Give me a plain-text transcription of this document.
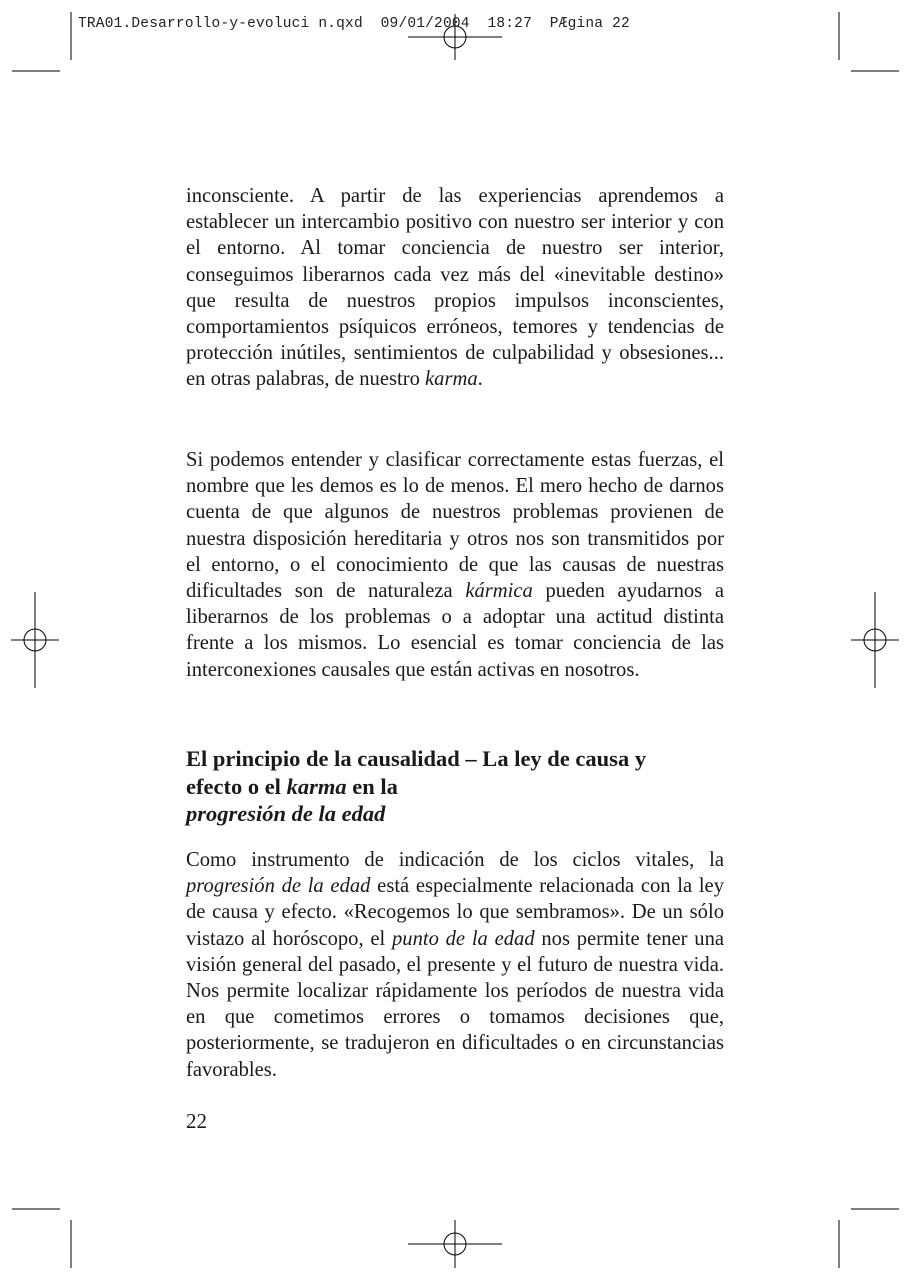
TRA01.Desarrollo-y-evoluci n.qxd  09/01/2004  18:27  PÆgina 22

inconsciente. A partir de las experiencias aprendemos a establecer un intercambio positivo con nuestro ser interior y con el entorno. Al tomar conciencia de nuestro ser interior, conseguimos liberarnos cada vez más del «inevitable destino» que resulta de nuestros propios impulsos inconscientes, comportamientos psíquicos erróneos, temores y tendencias de protección inútiles, sentimientos de culpabilidad y obsesiones... en otras palabras, de nuestro karma.

Si podemos entender y clasificar correctamente estas fuerzas, el nombre que les demos es lo de menos. El mero hecho de darnos cuenta de que algunos de nuestros problemas provienen de nuestra disposición hereditaria y otros nos son transmitidos por el entorno, o el conocimiento de que las causas de nuestras dificultades son de naturaleza kármica pueden ayudarnos a liberarnos de los problemas o a adoptar una actitud distinta frente a los mismos. Lo esencial es tomar conciencia de las interconexiones causales que están activas en nosotros.

El principio de la causalidad – La ley de causa y efecto o el karma en la
progresión de la edad

Como instrumento de indicación de los ciclos vitales, la progresión de la edad está especialmente relacionada con la ley de causa y efecto. «Recogemos lo que sembramos». De un sólo vistazo al horóscopo, el punto de la edad nos permite tener una visión general del pasado, el presente y el futuro de nuestra vida. Nos permite localizar rápidamente los períodos de nuestra vida en que cometimos errores o tomamos decisiones que, posteriormente, se tradujeron en dificultades o en circunstancias favorables.

22
